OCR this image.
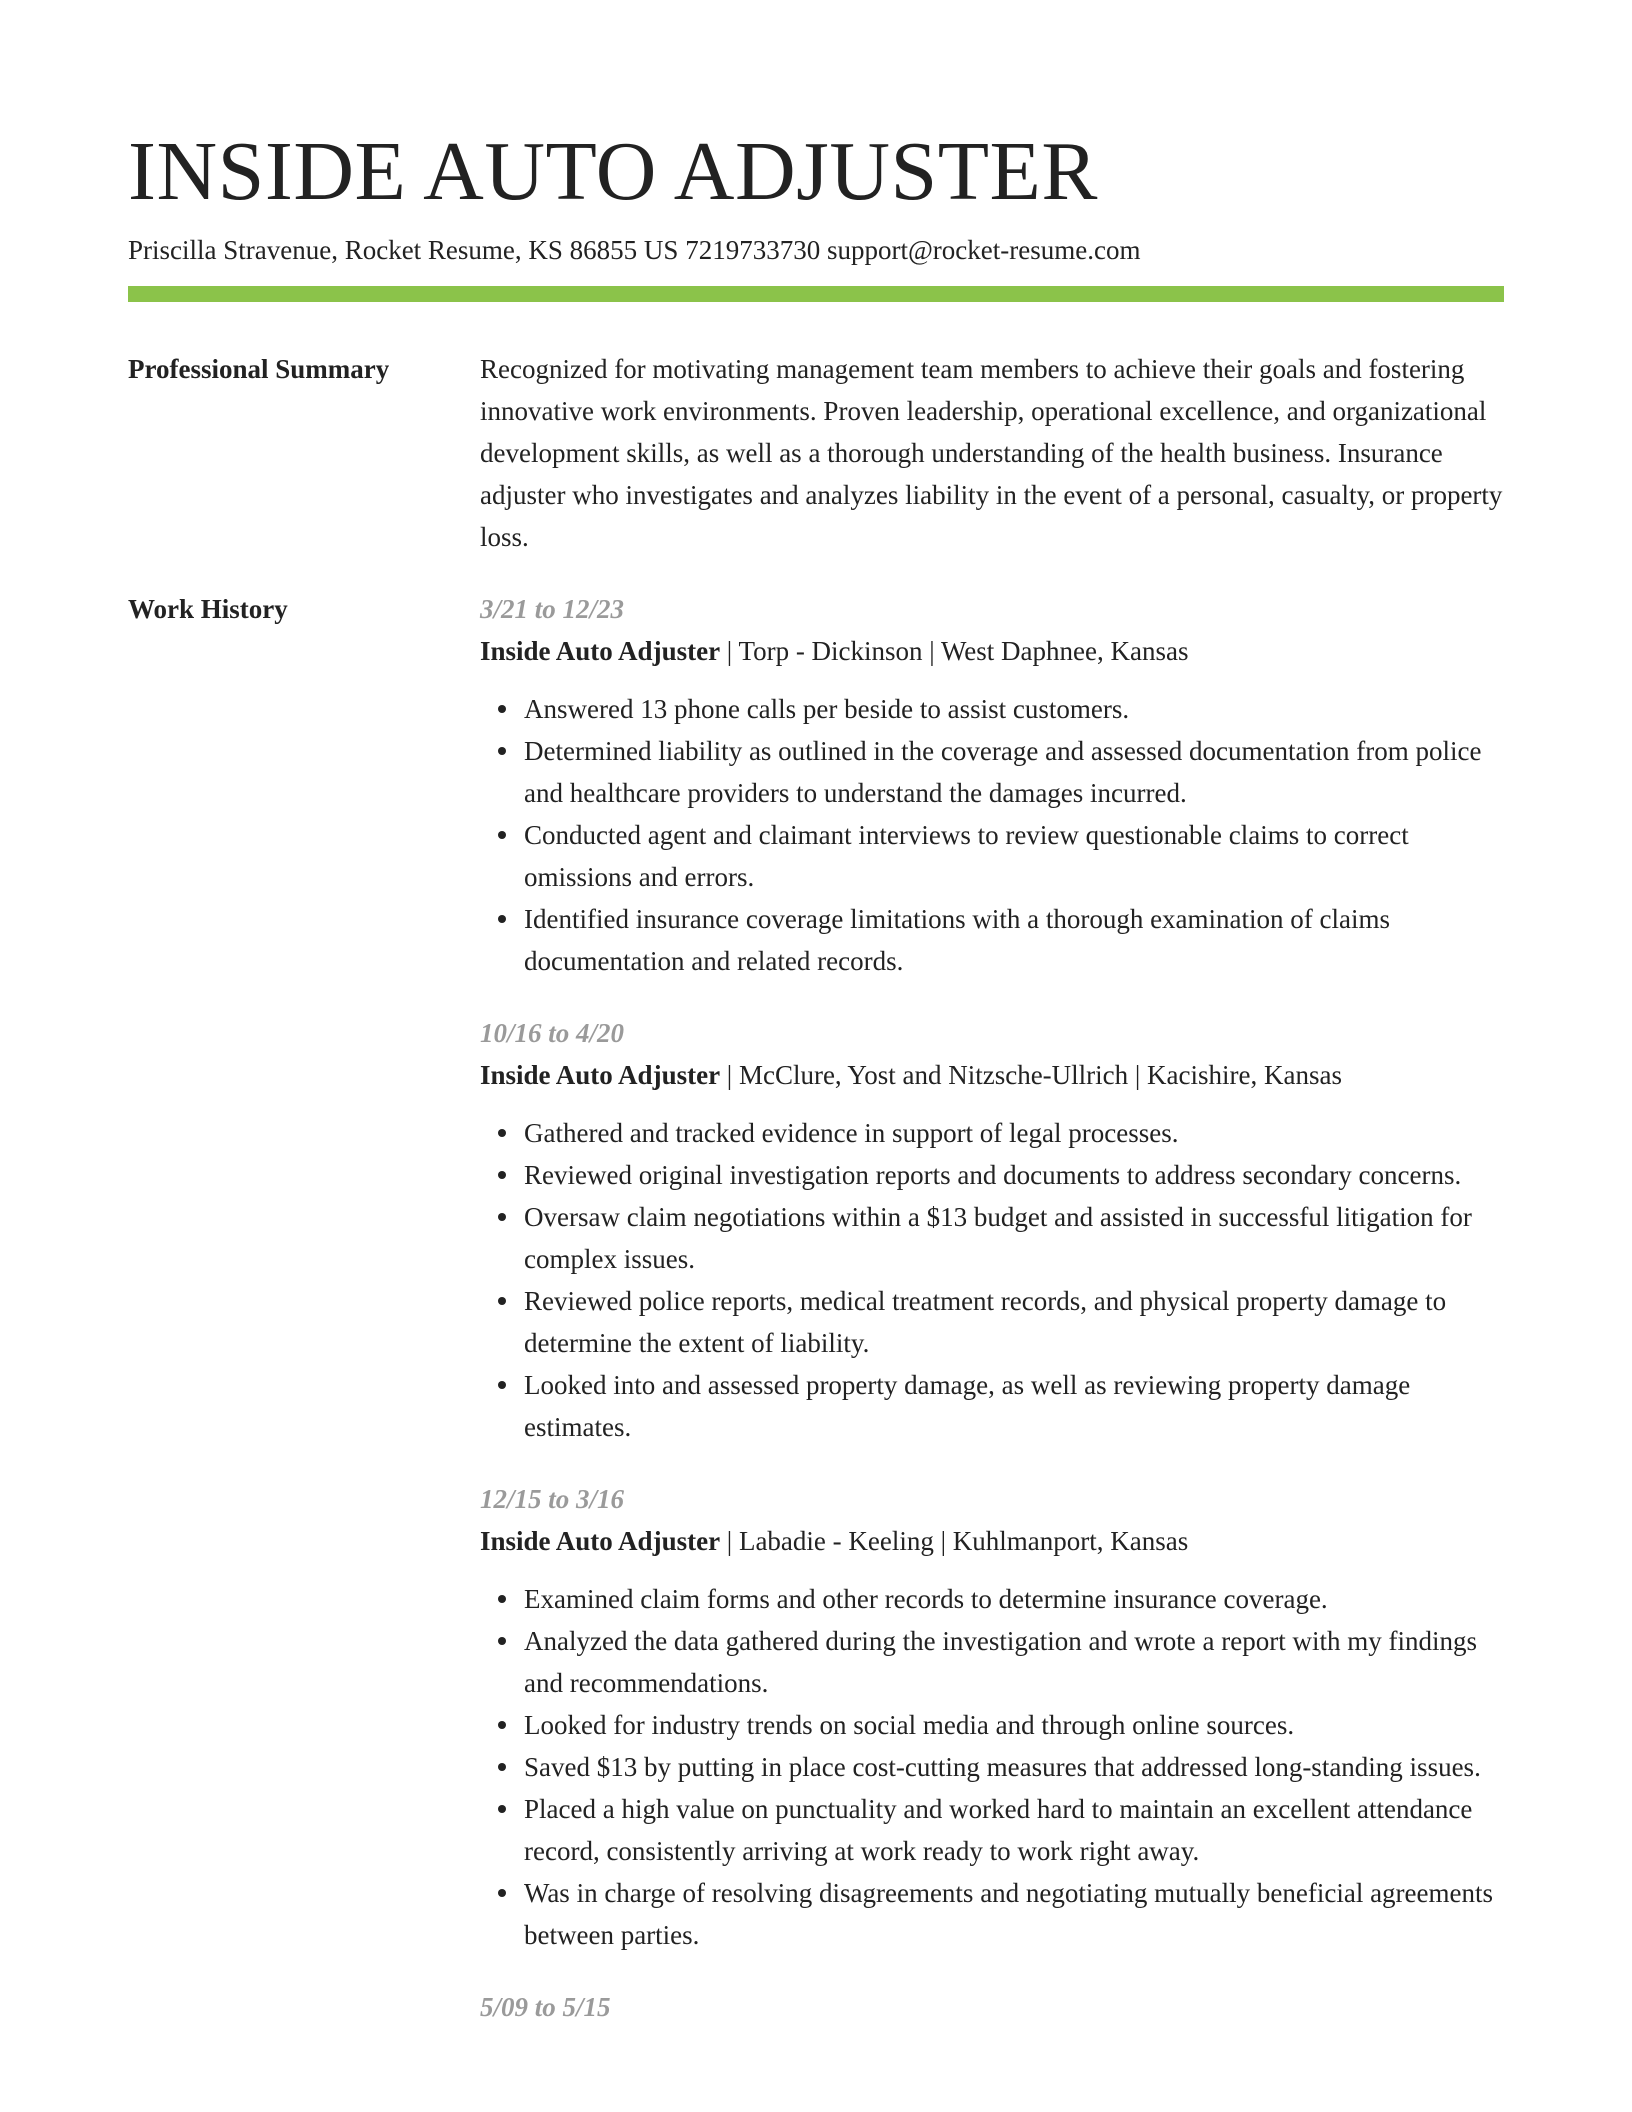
INSIDE AUTO ADJUSTER
Priscilla Stravenue, Rocket Resume, KS 86855 US 7219733730 support@rocket-resume.com
Professional Summary	Recognized for motivating management team members to achieve their goals and fostering innovative work environments. Proven leadership, operational excellence, and organizational development skills, as well as a thorough understanding of the health business. Insurance adjuster who investigates and analyzes liability in the event of a personal, casualty, or property loss.

Work History	3/21 to 12/23
Inside Auto Adjuster | Torp - Dickinson | West Daphnee, Kansas
Answered 13 phone calls per beside to assist customers.
Determined liability as outlined in the coverage and assessed documentation from police and healthcare providers to understand the damages incurred.
Conducted agent and claimant interviews to review questionable claims to correct omissions and errors.
Identified insurance coverage limitations with a thorough examination of claims documentation and related records.
10/16 to 4/20
Inside Auto Adjuster | McClure, Yost and Nitzsche-Ullrich | Kacishire, Kansas
Gathered and tracked evidence in support of legal processes.
Reviewed original investigation reports and documents to address secondary concerns.
Oversaw claim negotiations within a $13 budget and assisted in successful litigation for complex issues.
Reviewed police reports, medical treatment records, and physical property damage to determine the extent of liability.
Looked into and assessed property damage, as well as reviewing property damage estimates.
12/15 to 3/16
Inside Auto Adjuster | Labadie - Keeling | Kuhlmanport, Kansas
Examined claim forms and other records to determine insurance coverage.
Analyzed the data gathered during the investigation and wrote a report with my findings and recommendations.
Looked for industry trends on social media and through online sources.
Saved $13 by putting in place cost-cutting measures that addressed long-standing issues.
Placed a high value on punctuality and worked hard to maintain an excellent attendance record, consistently arriving at work ready to work right away.
Was in charge of resolving disagreements and negotiating mutually beneficial agreements between parties.
5/09 to 5/15
